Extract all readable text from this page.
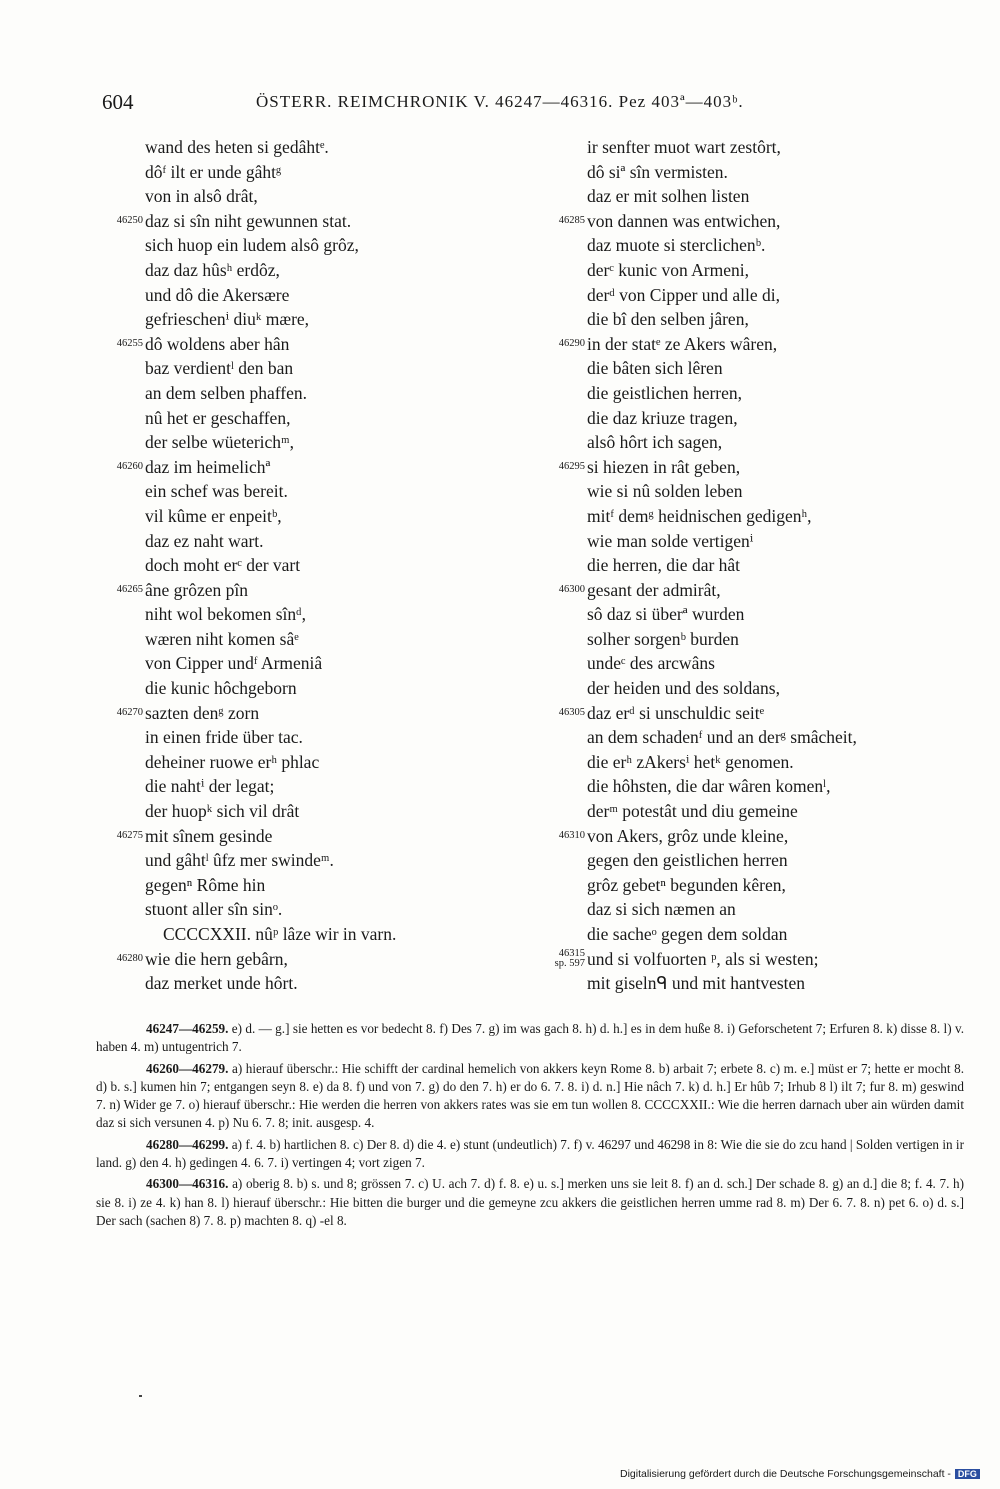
604	ÖSTERR. REIMCHRONIK V. 46247—46316. Pez 403ª—403ᵇ.
wand des heten si gedâhtᵉ.
dôᶠ ilt er unde gâhtᵍ
von in alsô drât,
46250 daz si sîn niht gewunnen stat.
sich huop ein ludem alsô grôz,
daz daz hûsʰ erdôz,
und dô die Akersære
gefrieschenⁱ diuᵏ mære,
46255 dô woldens aber hân
baz verdientˡ den ban
an dem selben phaffen.
nû het er geschaffen,
der selbe wüeterichᵐ,
46260 daz im heimelichª
ein schef was bereit.
vil kûme er enpeitᵇ,
daz ez naht wart.
doch moht erᶜ der vart
46265 âne grôzen pîn
niht wol bekomen sînᵈ,
wæren niht komen sâᵉ
von Cipper undᶠ Armeniâ
die kunic hôchgeborn
46270 sazten denᵍ zorn
in einen fride über tac.
deheiner ruowe erʰ phlac
die nahtⁱ der legat;
der huopᵏ sich vil drât
46275 mit sînem gesinde
und gâhtˡ ûfz mer swindeᵐ.
gegenⁿ Rôme hin
stuont aller sîn sinᵒ.
CCCCXXII. nûᵖ lâze wir in varn.
46280 wie die hern gebârn,
daz merket unde hôrt.
ir senfter muot wart zestôrt,
dô siª sîn vermisten.
daz er mit solhen listen
46285 von dannen was entwichen,
daz muote si sterclichenᵇ.
derᶜ kunic von Armeni,
derᵈ von Cipper und alle di,
die bî den selben jâren,
46290 in der statᵉ ze Akers wâren,
die bâten sich lêren
die geistlichen herren,
die daz kriuze tragen,
alsô hôrt ich sagen,
46295 si hiezen in rât geben,
wie si nû solden leben
mitᶠ demᵍ heidnischen gedigenʰ,
wie man solde vertigenⁱ
die herren, die dar hât
46300 gesant der admirât,
sô daz si überª wurden
solher sorgenᵇ burden
undeᶜ des arcwâns
der heiden und des soldans,
46305 daz erᵈ si unschuldic seitᵉ
an dem schadenᶠ und an derᵍ smâcheit,
die erʰ zAkersⁱ hetᵏ genomen.
die hôhsten, die dar wâren komenˡ,
derᵐ potestât und diu gemeine
46310 von Akers, grôz unde kleine,
gegen den geistlichen herren
grôz gebetⁿ begunden kêren,
daz si sich næmen an
die sacheᵒ gegen dem soldan
46315
sp. 597 und si volfuorten ᵖ, als si westen;
mit giselnᑫ und mit hantvesten
46247—46259. e) d. — g.] sie hetten es vor bedecht 8. f) Des 7. g) im was gach 8. h) d. h.] es in dem huße 8. i) Geforschetent 7; Erfuren 8. k) disse 8. l) v. haben 4. m) untugentrich 7.
46260—46279. a) hierauf überschr.: Hie schifft der cardinal hemelich von akkers keyn Rome 8. b) arbait 7; erbete 8. c) m. e.] müst er 7; hette er mocht 8. d) b. s.] kumen hin 7; entgangen seyn 8. e) da 8. f) und von 7. g) do den 7. h) er do 6. 7. 8. i) d. n.] Hie nâch 7. k) d. h.] Er hûb 7; Irhub 8 l) ilt 7; fur 8. m) geswind 7. n) Wider ge 7. o) hierauf überschr.: Hie werden die herren von akkers rates was sie em tun wollen 8. CCCCXXII.: Wie die herren darnach uber ain würden damit daz si sich versunen 4. p) Nu 6. 7. 8; init. ausgesp. 4.
46280—46299. a) f. 4. b) hartlichen 8. c) Der 8. d) die 4. e) stunt (undeutlich) 7. f) v. 46297 und 46298 in 8: Wie die sie do zcu hand | Solden vertigen in ir land. g) den 4. h) gedingen 4. 6. 7. i) vertingen 4; vort zigen 7.
46300—46316. a) oberig 8. b) s. und 8; grössen 7. c) U. ach 7. d) f. 8. e) u. s.] merken uns sie leit 8. f) an d. sch.] Der schade 8. g) an d.] die 8; f. 4. 7. h) sie 8. i) ze 4. k) han 8. l) hierauf überschr.: Hie bitten die burger und die gemeyne zcu akkers die geistlichen herren umme rad 8. m) Der 6. 7. 8. n) pet 6. o) d. s.] Der sach (sachen 8) 7. 8. p) machten 8. q) -el 8.
Digitalisierung gefördert durch die Deutsche Forschungsgemeinschaft - DFG
